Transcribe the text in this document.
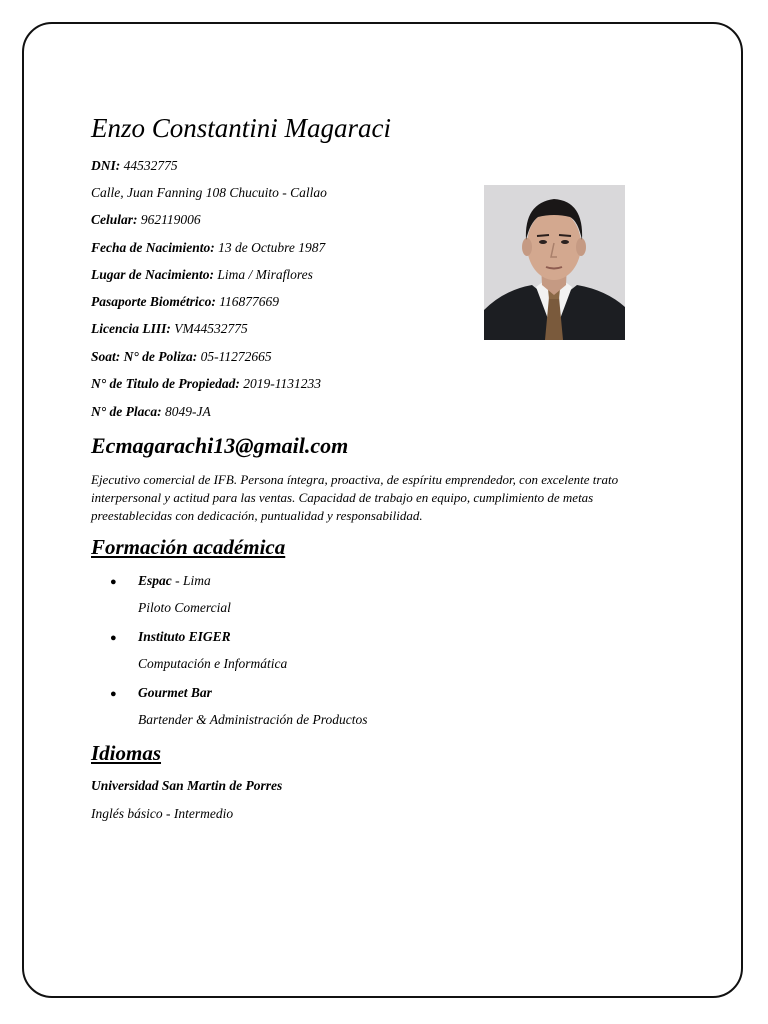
Enzo Constantini Magaraci
DNI: 44532775
Calle, Juan Fanning 108 Chucuito - Callao
Celular: 962119006
Fecha de Nacimiento: 13 de Octubre 1987
Lugar de Nacimiento: Lima / Miraflores
Pasaporte Biométrico: 116877669
Licencia LIII: VM44532775
Soat: N° de Poliza: 05-11272665
N° de Titulo de Propiedad: 2019-1131233
N° de Placa: 8049-JA
Ecmagarachi13@gmail.com
Ejecutivo comercial de IFB. Persona íntegra, proactiva, de espíritu emprendedor, con excelente trato interpersonal y actitud para las ventas. Capacidad de trabajo en equipo, cumplimiento de metas preestablecidas con dedicación, puntualidad y responsabilidad.
Formación académica
● Espac - Lima
Piloto Comercial
● Instituto EIGER
Computación e Informática
● Gourmet Bar
Bartender & Administración de Productos
Idiomas
Universidad San Martin de Porres
Inglés básico - Intermedio
